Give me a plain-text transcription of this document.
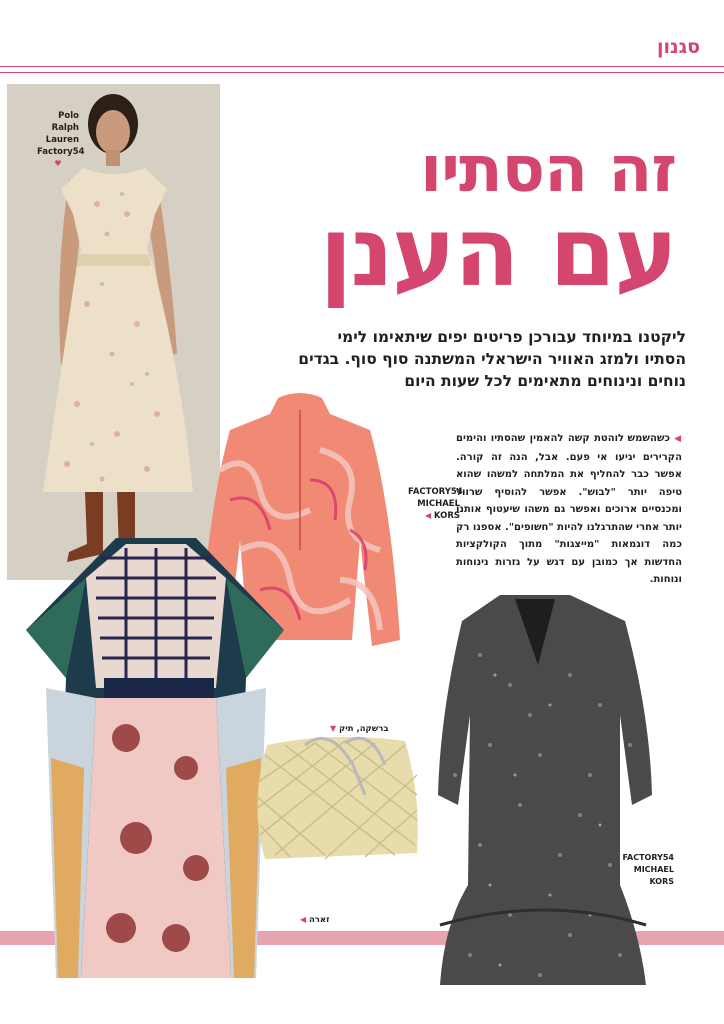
סגנון
זה הסתיו
עם הענן

ליקטנו במיוחד עבורכן פריטים יפים שיתאימו לימי הסתיו ולמזג האוויר הישראלי המשתנה סוף סוף. בגדים נוחים ונינוחים מתאימים לכל שעות היום

◀ כשהשמש לוהטת קשה להאמין שהסתיו והימים הקרירים יגיעו אי פעם. אבל, הנה זה קורה. אפשר כבר להחליף את המלתחה למשהו שהוא טיפה יותר "לבוש". אפשר להוסיף שרוול ומכנסיים ארוכים ואפשר גם משהו שיעטוף אותנו יותר אחרי שהתרגלנו להיות "חשופים". אספנו רק כמה דוגמאות "מייצגות" מתוך הקולקציות החדשות אך כמובן עם דגש על גזרות נינוחות ונוחות.

Polo Ralph
Lauren
Factory54
♥
FACTORY54
MICHAEL
◀ KORS
זארה ◀
ברשקה, תיק ▼
FACTORY54
MICHAEL KORS
